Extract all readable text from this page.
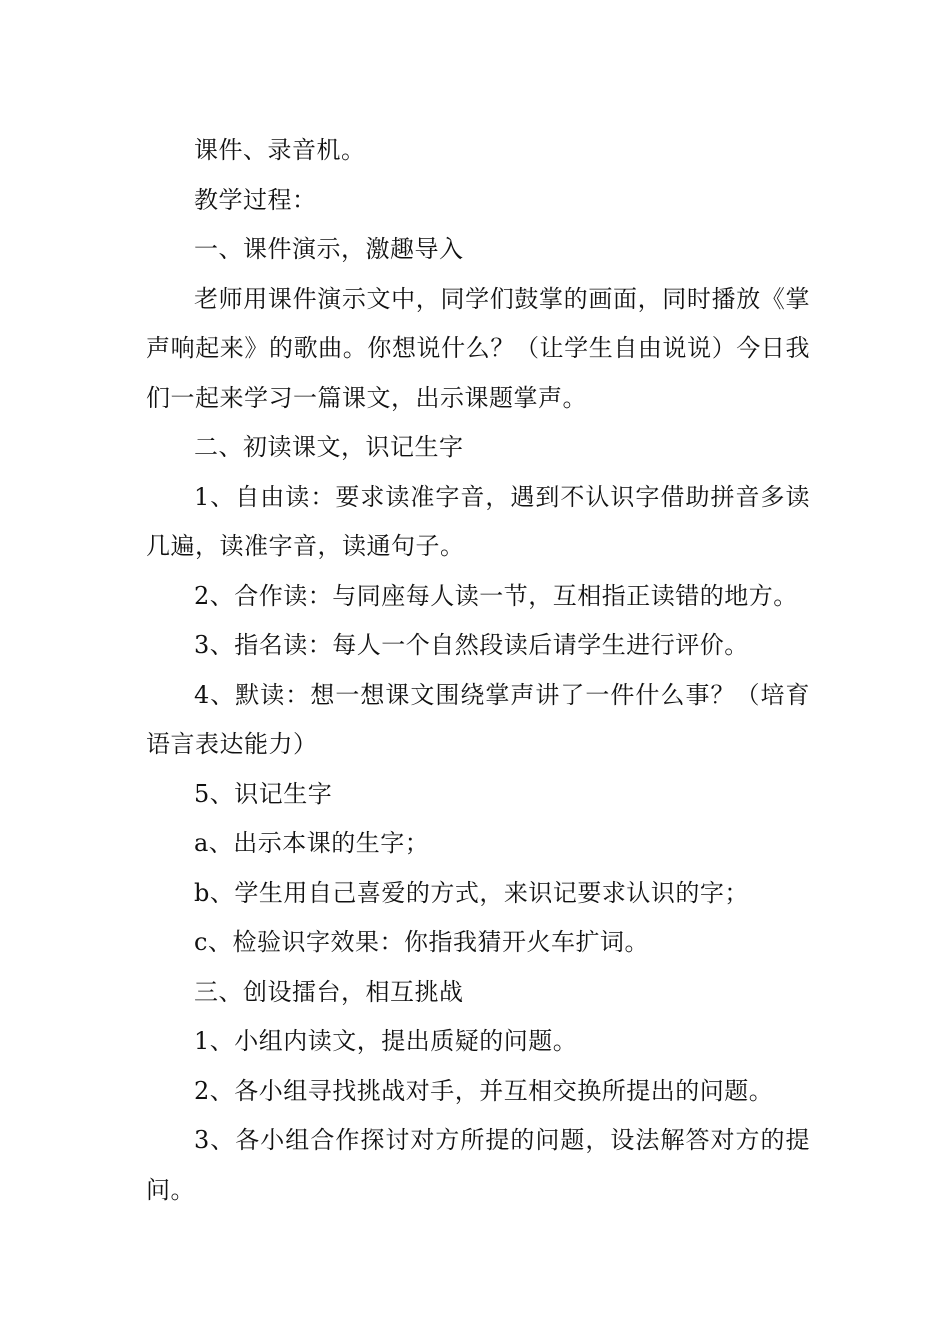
课件、录音机。

教学过程：

一、课件演示，激趣导入

老师用课件演示文中，同学们鼓掌的画面，同时播放《掌声响起来》的歌曲。你想说什么？（让学生自由说说）今日我们一起来学习一篇课文，出示课题掌声。

二、初读课文，识记生字

1、自由读：要求读准字音，遇到不认识字借助拼音多读几遍，读准字音，读通句子。

2、合作读：与同座每人读一节，互相指正读错的地方。

3、指名读：每人一个自然段读后请学生进行评价。

4、默读：想一想课文围绕掌声讲了一件什么事？（培育语言表达能力）

5、识记生字

a、出示本课的生字；

b、学生用自己喜爱的方式，来识记要求认识的字；

c、检验识字效果：你指我猜开火车扩词。

三、创设擂台，相互挑战

1、小组内读文，提出质疑的问题。

2、各小组寻找挑战对手，并互相交换所提出的问题。

3、各小组合作探讨对方所提的问题，设法解答对方的提问。
